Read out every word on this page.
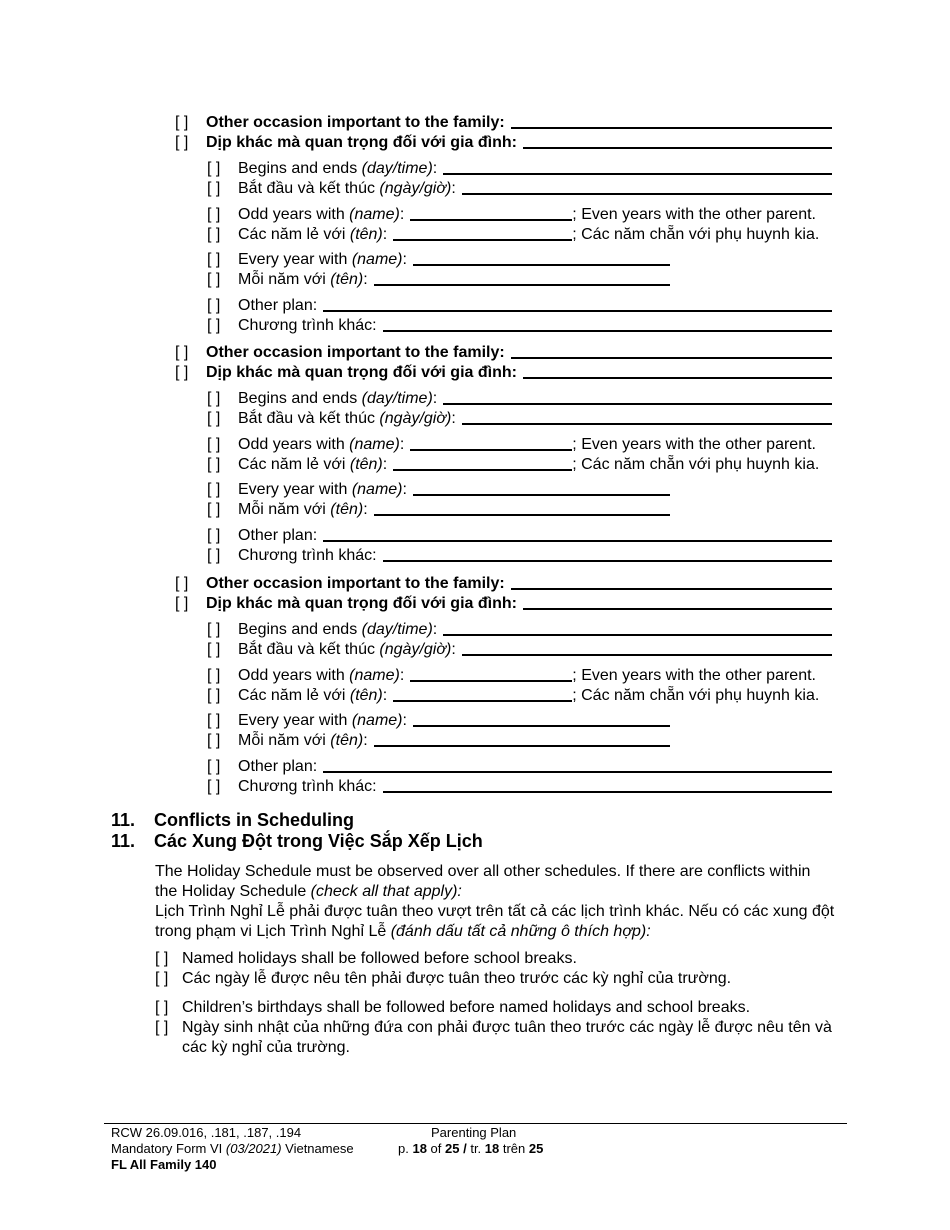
[ ]	Other occasion important to the family:
[ ]	Dịp khác mà quan trọng đối với gia đình:
[ ]	Begins and ends (day/time):
[ ]	Bắt đầu và kết thúc (ngày/giờ):
[ ]	Odd years with (name):	; Even years with the other parent.
[ ]	Các năm lẻ với (tên):	; Các năm chẵn với phụ huynh kia.
[ ]	Every year with (name):
[ ]	Mỗi năm với (tên):
[ ]	Other plan:
[ ]	Chương trình khác:
[ ]	Other occasion important to the family:
[ ]	Dịp khác mà quan trọng đối với gia đình:
[ ]	Begins and ends (day/time):
[ ]	Bắt đầu và kết thúc (ngày/giờ):
[ ]	Odd years with (name):	; Even years with the other parent.
[ ]	Các năm lẻ với (tên):	; Các năm chẵn với phụ huynh kia.
[ ]	Every year with (name):
[ ]	Mỗi năm với (tên):
[ ]	Other plan:
[ ]	Chương trình khác:
[ ]	Other occasion important to the family:
[ ]	Dịp khác mà quan trọng đối với gia đình:
[ ]	Begins and ends (day/time):
[ ]	Bắt đầu và kết thúc (ngày/giờ):
[ ]	Odd years with (name):	; Even years with the other parent.
[ ]	Các năm lẻ với (tên):	; Các năm chẵn với phụ huynh kia.
[ ]	Every year with (name):
[ ]	Mỗi năm với (tên):
[ ]	Other plan:
[ ]	Chương trình khác:
11. Conflicts in Scheduling
11. Các Xung Đột trong Việc Sắp Xếp Lịch
The Holiday Schedule must be observed over all other schedules. If there are conflicts within the Holiday Schedule (check all that apply):
Lịch Trình Nghỉ Lễ phải được tuân theo vượt trên tất cả các lịch trình khác. Nếu có các xung đột trong phạm vi Lịch Trình Nghỉ Lễ (đánh dấu tất cả những ô thích hợp):
[ ] Named holidays shall be followed before school breaks.
[ ] Các ngày lễ được nêu tên phải được tuân theo trước các kỳ nghỉ của trường.
[ ] Children’s birthdays shall be followed before named holidays and school breaks.
[ ] Ngày sinh nhật của những đứa con phải được tuân theo trước các ngày lễ được nêu tên và các kỳ nghỉ của trường.
RCW 26.09.016, .181, .187, .194
Mandatory Form VI (03/2021) Vietnamese
FL All Family 140
Parenting Plan
p. 18 of 25 / tr. 18 trên 25
